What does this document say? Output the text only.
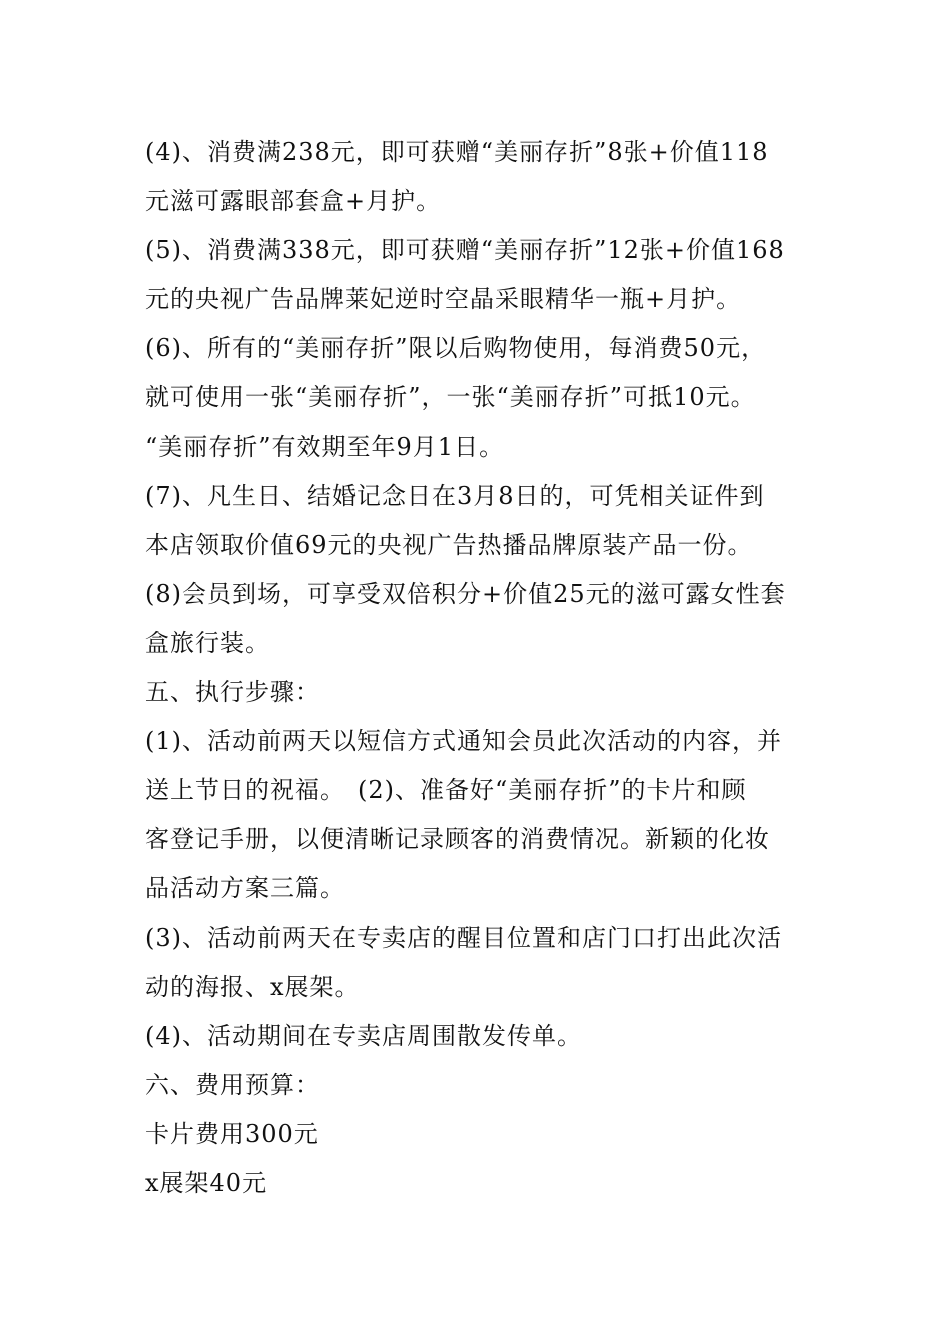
(4)、消费满238元，即可获赠“美丽存折”8张+价值118
元滋可露眼部套盒+月护。
(5)、消费满338元，即可获赠“美丽存折”12张+价值168
元的央视广告品牌莱妃逆时空晶采眼精华一瓶+月护。
(6)、所有的“美丽存折”限以后购物使用，每消费50元，
就可使用一张“美丽存折”，一张“美丽存折”可抵10元。
“美丽存折”有效期至年9月1日。
(7)、凡生日、结婚记念日在3月8日的，可凭相关证件到
本店领取价值69元的央视广告热播品牌原装产品一份。
(8)会员到场，可享受双倍积分+价值25元的滋可露女性套
盒旅行装。
五、执行步骤：
(1)、活动前两天以短信方式通知会员此次活动的内容，并
送上节日的祝福。　(2)、准备好“美丽存折”的卡片和顾
客登记手册，以便清晰记录顾客的消费情况。新颖的化妆
品活动方案三篇。
(3)、活动前两天在专卖店的醒目位置和店门口打出此次活
动的海报、x展架。
(4)、活动期间在专卖店周围散发传单。
六、费用预算：
卡片费用300元
x展架40元
